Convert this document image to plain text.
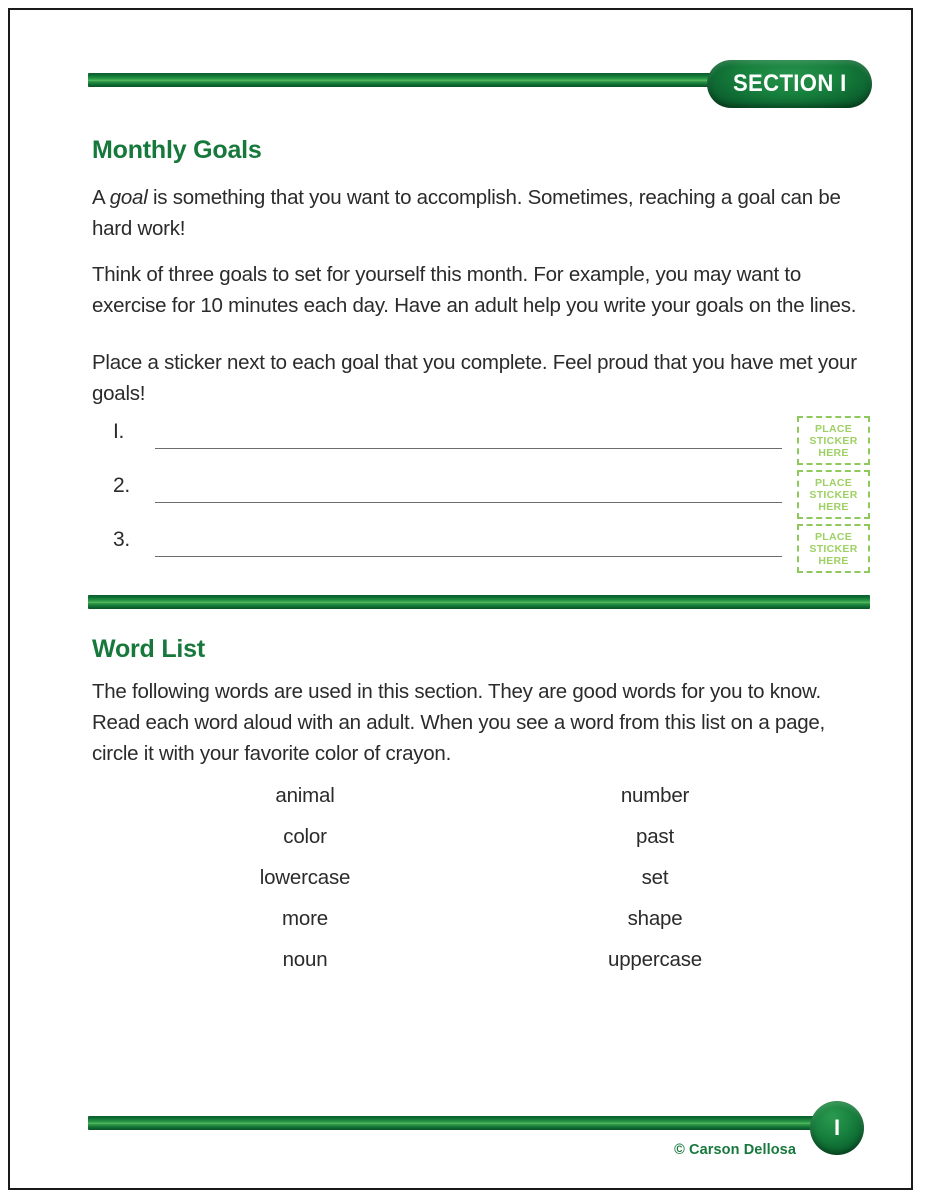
SECTION I
Monthly Goals
A goal is something that you want to accomplish. Sometimes, reaching a goal can be hard work!
Think of three goals to set for yourself this month. For example, you may want to exercise for 10 minutes each day. Have an adult help you write your goals on the lines.
Place a sticker next to each goal that you complete. Feel proud that you have met your goals!
I.	PLACE
STICKER
HERE
2.	PLACE
STICKER
HERE
3.	PLACE
STICKER
HERE
Word List
The following words are used in this section. They are good words for you to know. Read each word aloud with an adult. When you see a word from this list on a page, circle it with your favorite color of crayon.
animal	number
color	past
lowercase	set
more	shape
noun	uppercase
© Carson Dellosa
I
